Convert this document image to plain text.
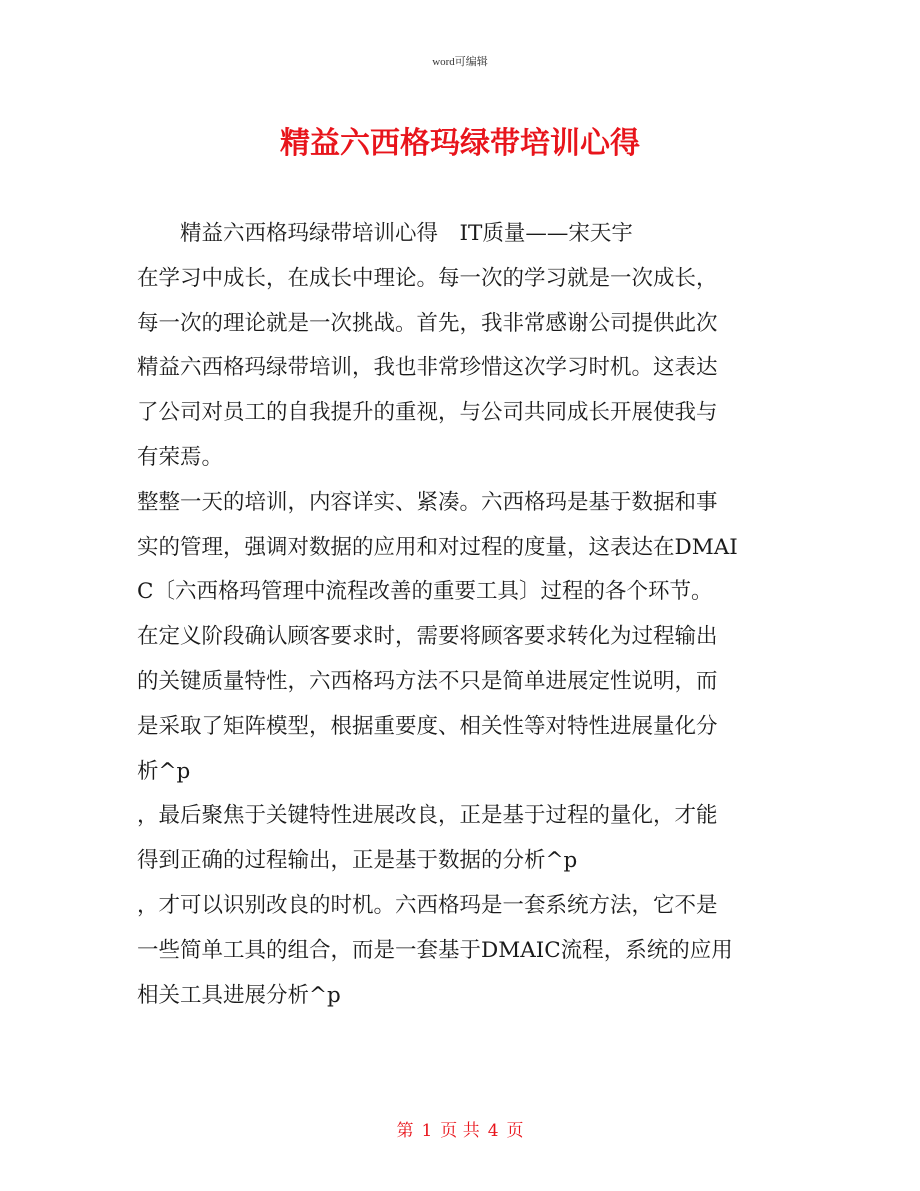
word可编辑
精益六西格玛绿带培训心得
精益六西格玛绿带培训心得　IT质量——宋天宇
在学习中成长，在成长中理论。每一次的学习就是一次成长，
每一次的理论就是一次挑战。首先，我非常感谢公司提供此次
精益六西格玛绿带培训，我也非常珍惜这次学习时机。这表达
了公司对员工的自我提升的重视，与公司共同成长开展使我与
有荣焉。
整整一天的培训，内容详实、紧凑。六西格玛是基于数据和事
实的管理，强调对数据的应用和对过程的度量，这表达在DMAI
C〔六西格玛管理中流程改善的重要工具〕过程的各个环节。
在定义阶段确认顾客要求时，需要将顾客要求转化为过程输出
的关键质量特性，六西格玛方法不只是简单进展定性说明，而
是采取了矩阵模型，根据重要度、相关性等对特性进展量化分
析^p
，最后聚焦于关键特性进展改良，正是基于过程的量化，才能
得到正确的过程输出，正是基于数据的分析^p
，才可以识别改良的时机。六西格玛是一套系统方法，它不是
一些简单工具的组合，而是一套基于DMAIC流程，系统的应用
相关工具进展分析^p
第 1 页 共 4 页
